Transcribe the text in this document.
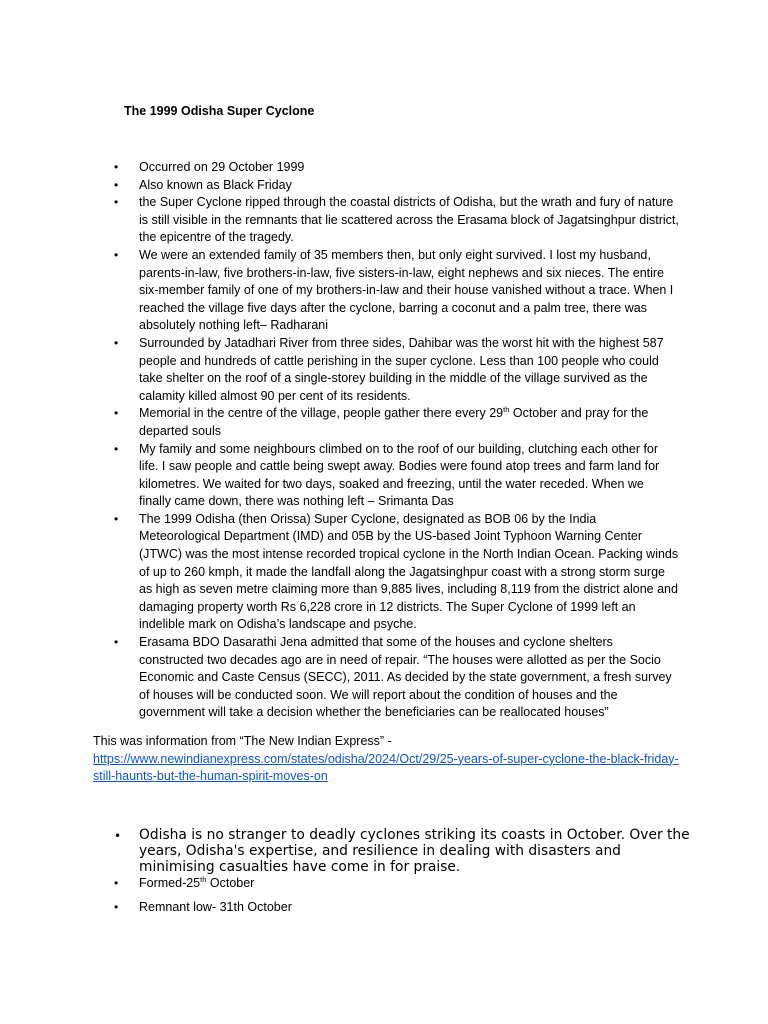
The 1999 Odisha Super Cyclone
• Occurred on 29 October 1999
• Also known as Black Friday
• the Super Cyclone ripped through the coastal districts of Odisha, but the wrath and fury of nature is still visible in the remnants that lie scattered across the Erasama block of Jagatsinghpur district, the epicentre of the tragedy.
• We were an extended family of 35 members then, but only eight survived. I lost my husband, parents-in-law, five brothers-in-law, five sisters-in-law, eight nephews and six nieces. The entire six-member family of one of my brothers-in-law and their house vanished without a trace. When I reached the village five days after the cyclone, barring a coconut and a palm tree, there was absolutely nothing left– Radharani
• Surrounded by Jatadhari River from three sides, Dahibar was the worst hit with the highest 587 people and hundreds of cattle perishing in the super cyclone. Less than 100 people who could take shelter on the roof of a single-storey building in the middle of the village survived as the calamity killed almost 90 per cent of its residents.
• Memorial in the centre of the village, people gather there every 29th October and pray for the departed souls
• My family and some neighbours climbed on to the roof of our building, clutching each other for life. I saw people and cattle being swept away. Bodies were found atop trees and farm land for kilometres. We waited for two days, soaked and freezing, until the water receded. When we finally came down, there was nothing left – Srimanta Das
• The 1999 Odisha (then Orissa) Super Cyclone, designated as BOB 06 by the India Meteorological Department (IMD) and 05B by the US-based Joint Typhoon Warning Center (JTWC) was the most intense recorded tropical cyclone in the North Indian Ocean. Packing winds of up to 260 kmph, it made the landfall along the Jagatsinghpur coast with a strong storm surge as high as seven metre claiming more than 9,885 lives, including 8,119 from the district alone and damaging property worth Rs 6,228 crore in 12 districts. The Super Cyclone of 1999 left an indelible mark on Odisha’s landscape and psyche.
• Erasama BDO Dasarathi Jena admitted that some of the houses and cyclone shelters constructed two decades ago are in need of repair. “The houses were allotted as per the Socio Economic and Caste Census (SECC), 2011. As decided by the state government, a fresh survey of houses will be conducted soon. We will report about the condition of houses and the government will take a decision whether the beneficiaries can be reallocated houses”
This was information from “The New Indian Express” -
https://www.newindianexpress.com/states/odisha/2024/Oct/29/25-years-of-super-cyclone-the-black-friday-still-haunts-but-the-human-spirit-moves-on
• Odisha is no stranger to deadly cyclones striking its coasts in October. Over the years, Odisha's expertise, and resilience in dealing with disasters and minimising casualties have come in for praise.
• Formed-25th October
• Remnant low- 31th October
